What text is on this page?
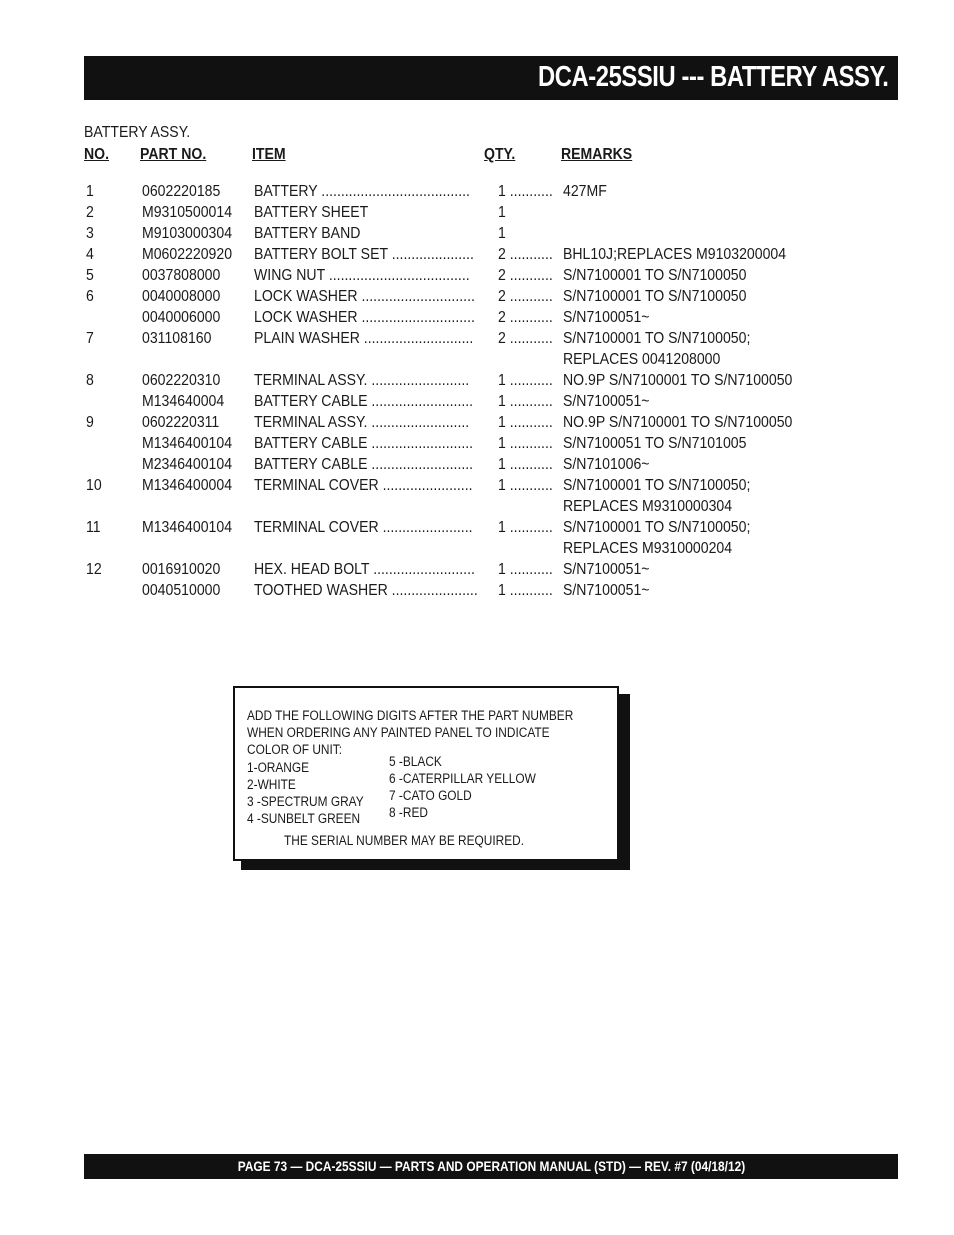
DCA-25SSIU --- BATTERY ASSY.
BATTERY ASSY.
NO. PART NO.	ITEM	QTY.	REMARKS
1	0602220185 BATTERY ...................................... 1 ........... 427MF
2	M9310500014 BATTERY SHEET	1
3	M9103000304 BATTERY BAND	1
4	M0602220920 BATTERY BOLT SET ..................... 2 ........... BHL10J;REPLACES M9103200004
5	0037808000 WING NUT .................................... 2 ........... S/N7100001 TO S/N7100050
6	0040008000 LOCK WASHER ............................. 2 ........... S/N7100001 TO S/N7100050
0040006000 LOCK WASHER ............................. 2 ........... S/N7100051~
7	031108160	PLAIN WASHER ............................ 2 ........... S/N7100001 TO S/N7100050;
REPLACES 0041208000
8	0602220310 TERMINAL ASSY. ......................... 1 ........... NO.9P S/N7100001 TO S/N7100050
M134640004 BATTERY CABLE .......................... 1 ........... S/N7100051~
9	0602220311 TERMINAL ASSY. ......................... 1 ........... NO.9P S/N7100001 TO S/N7100050
M1346400104 BATTERY CABLE .......................... 1 ........... S/N7100051 TO S/N7101005
M2346400104 BATTERY CABLE .......................... 1 ........... S/N7101006~
10	M1346400004 TERMINAL COVER ....................... 1 ........... S/N7100001 TO S/N7100050;
REPLACES M9310000304
11	M1346400104 TERMINAL COVER ....................... 1 ........... S/N7100001 TO S/N7100050;
REPLACES M9310000204
12	0016910020 HEX. HEAD BOLT .......................... 1 ........... S/N7100051~
0040510000 TOOTHED WASHER ...................... 1 ........... S/N7100051~
ADD THE FOLLOWING DIGITS AFTER THE PART NUMBER
WHEN ORDERING ANY PAINTED PANEL TO INDICATE
COLOR OF UNIT:
1-ORANGE
2-WHITE
3 -SPECTRUM GRAY
4 -SUNBELT GREEN
5 -BLACK
6 -CATERPILLAR YELLOW
7 -CATO GOLD
8 -RED
THE SERIAL NUMBER MAY BE REQUIRED.
PAGE 73 — DCA-25SSIU — PARTS AND OPERATION MANUAL (STD) — REV. #7 (04/18/12)
